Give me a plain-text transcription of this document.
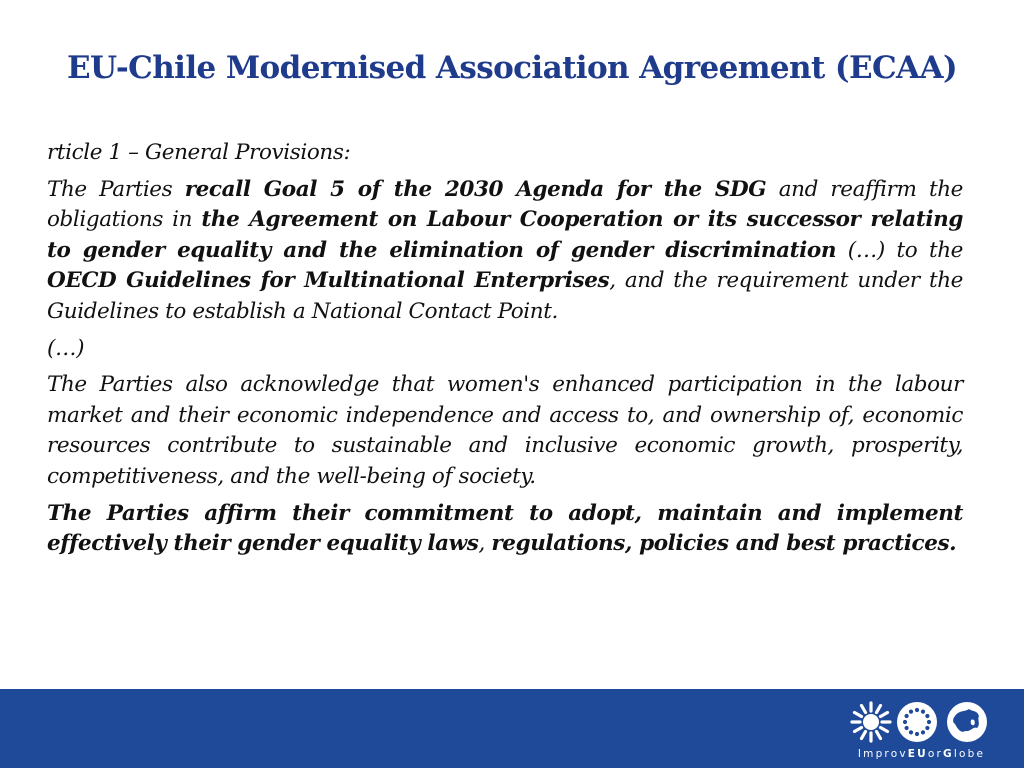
EU-Chile Modernised Association Agreement (ECAA)

rticle 1 – General Provisions:

The Parties recall Goal 5 of the 2030 Agenda for the SDG and reaffirm the obligations in the Agreement on Labour Cooperation or its successor relating to gender equality and the elimination of gender discrimination (…) to the OECD Guidelines for Multinational Enterprises, and the requirement under the Guidelines to establish a National Contact Point.

(…)

The Parties also acknowledge that women's enhanced participation in the labour market and their economic independence and access to, and ownership of, economic resources contribute to sustainable and inclusive economic growth, prosperity, competitiveness, and the well-being of society.

The Parties affirm their commitment to adopt, maintain and implement effectively their gender equality laws, regulations, policies and best practices.

ImprovEUorGlobe
